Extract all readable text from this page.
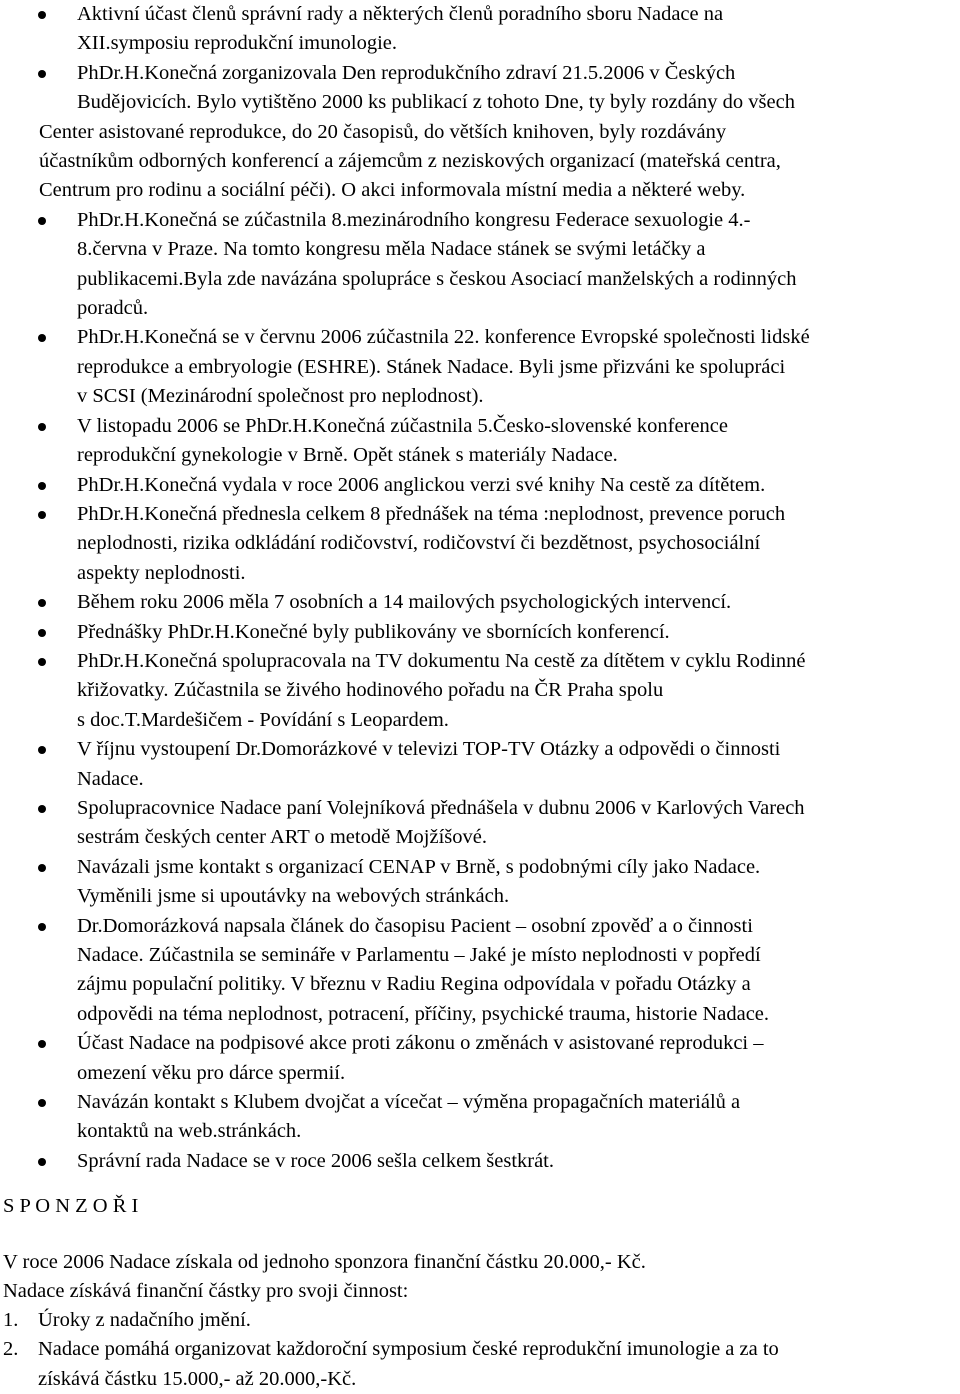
Aktivní účast členů správní rady a některých členů poradního sboru Nadace na
XII.symposiu reprodukční imunologie.
PhDr.H.Konečná zorganizovala Den reprodukčního zdraví 21.5.2006 v Českých
Budějovicích. Bylo vytištěno 2000 ks publikací z tohoto Dne, ty byly rozdány do všech
Center asistované reprodukce, do 20 časopisů, do větších knihoven, byly rozdávány
účastníkům odborných konferencí a zájemcům z neziskových organizací (mateřská centra,
Centrum pro rodinu a sociální péči). O akci informovala místní media a některé weby.
PhDr.H.Konečná se zúčastnila 8.mezinárodního kongresu Federace sexuologie 4.-
8.června v Praze. Na tomto kongresu měla Nadace stánek se svými letáčky a
publikacemi.Byla zde navázána spolupráce s českou Asociací manželských a rodinných
poradců.
PhDr.H.Konečná se v červnu 2006 zúčastnila 22. konference Evropské společnosti lidské
reprodukce a embryologie (ESHRE). Stánek Nadace. Byli jsme přizváni ke spolupráci
v SCSI (Mezinárodní společnost pro neplodnost).
V listopadu 2006 se PhDr.H.Konečná zúčastnila 5.Česko-slovenské konference
reprodukční gynekologie v Brně. Opět stánek s materiály Nadace.
PhDr.H.Konečná vydala v roce 2006 anglickou verzi své knihy Na cestě za dítětem.
PhDr.H.Konečná přednesla celkem 8 přednášek na téma :neplodnost, prevence poruch
neplodnosti, rizika odkládání rodičovství, rodičovství či bezdětnost, psychosociální
aspekty neplodnosti.
Během roku 2006 měla 7 osobních a 14 mailových psychologických intervencí.
Přednášky PhDr.H.Konečné byly publikovány ve sbornících konferencí.
PhDr.H.Konečná spolupracovala na TV dokumentu Na cestě za dítětem v cyklu Rodinné
křižovatky. Zúčastnila se živého hodinového pořadu na ČR Praha spolu
s doc.T.Mardešičem - Povídání s Leopardem.
V říjnu vystoupení Dr.Domorázkové v televizi TOP-TV Otázky a odpovědi o činnosti
Nadace.
Spolupracovnice Nadace paní Volejníková přednášela v dubnu 2006 v Karlových Varech
sestrám českých center ART o metodě Mojžíšové.
Navázali jsme kontakt s organizací CENAP v Brně, s podobnými cíly jako Nadace.
Vyměnili jsme si upoutávky na webových stránkách.
Dr.Domorázková napsala článek do časopisu Pacient – osobní zpověď a o činnosti
Nadace. Zúčastnila se semináře v Parlamentu – Jaké je místo neplodnosti v popředí
zájmu populační politiky. V březnu v Radiu Regina odpovídala v pořadu Otázky a
odpovědi na téma neplodnost, potracení, příčiny, psychické trauma, historie Nadace.
Účast Nadace na podpisové akce proti zákonu o změnách v asistované reprodukci –
omezení věku pro dárce spermií.
Navázán kontakt s Klubem dvojčat a vícečat – výměna propagačních materiálů a
kontaktů na web.stránkách.
Správní rada Nadace se v roce 2006 sešla celkem šestkrát.
S P O N Z O Ř I
V roce 2006 Nadace získala od jednoho sponzora finanční částku 20.000,- Kč.
Nadace získává finanční částky pro svoji činnost:
1. Úroky z nadačního jmění.
2. Nadace pomáhá organizovat každoroční symposium české reprodukční imunologie a za to
získává částku 15.000,- až 20.000,-Kč.
